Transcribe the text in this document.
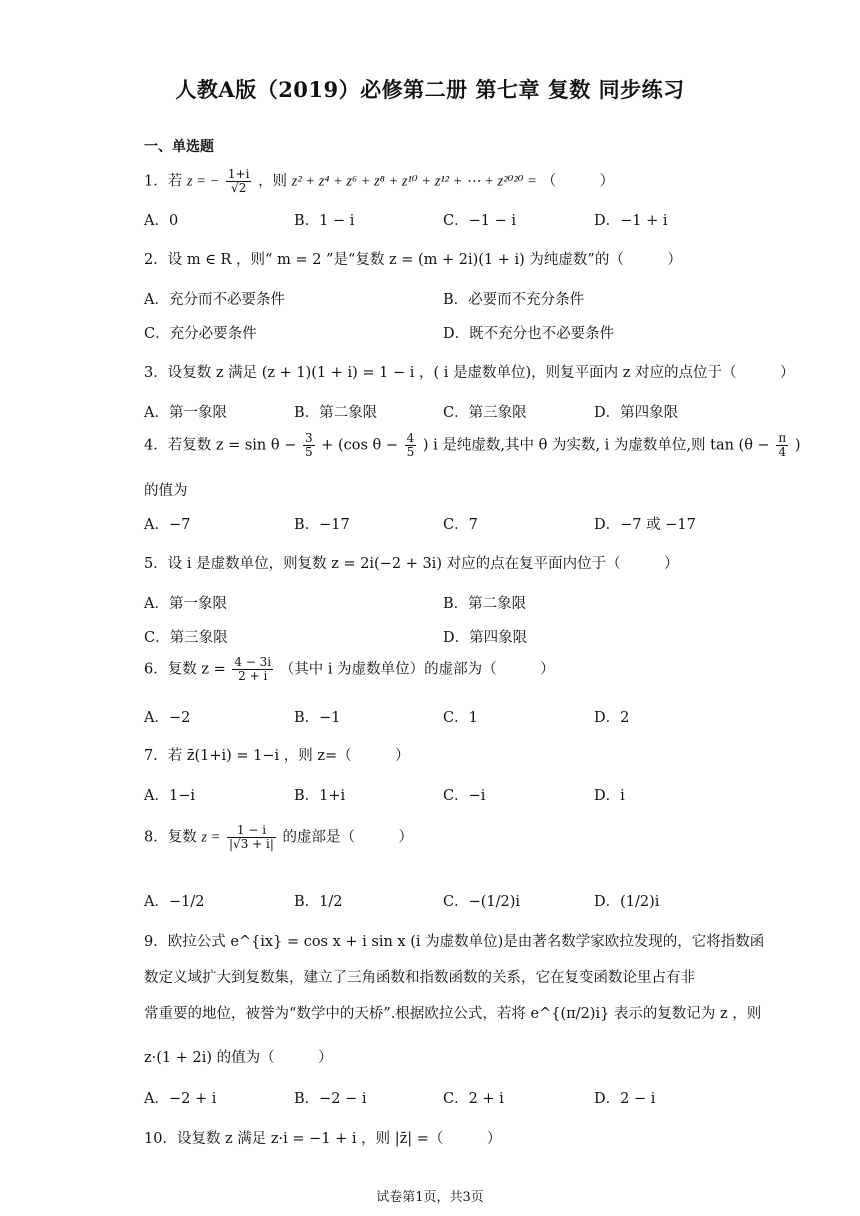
人教A版（2019）必修第二册 第七章 复数 同步练习
一、单选题
1．若 z = − $\frac{1+i}{√2}$ ，则 z² + z⁴ + z⁶ + z⁸ + z¹⁰ + z¹² + ⋯ + z²⁰²⁰ = （　　　）
A．0	B．1 − i	C．−1 − i	D．−1 + i
2．设 m ∈ R ，则“ m = 2 ”是“复数 z = (m + 2i)(1 + i) 为纯虚数”的（　　　）
A．充分而不必要条件	B．必要而不充分条件
C．充分必要条件	D．既不充分也不必要条件
3．设复数 z 满足 (z + 1)(1 + i) = 1 − i ，( i 是虚数单位)，则复平面内 z 对应的点位于（　　　）
A．第一象限	B．第二象限	C．第三象限	D．第四象限
4．若复数 $z = \sin \theta - \frac{3}{5} + (\cos$ $\theta - \frac{4}{5}$ ) i 是纯虚数,其中 θ 为实数, i 为虚数单位,则 $\tan (\theta - \frac{\pi}{4}$ )
的值为
A．−7	B．−17	C．7	D．−7 或 −17
5．设 i 是虚数单位，则复数 z = 2i(−2 + 3i) 对应的点在复平面内位于（　　　）
A．第一象限	B．第二象限
C．第三象限	D．第四象限
6．复数 $z = \frac{4 - 3i}{2 + i}$ （其中 i 为虚数单位）的虚部为（　　　）
A．−2	B．−1	C．1	D．2
7．若 z̄(1+i) = 1−i ，则 z=（　　　）
A．1−i	B．1+i	C．−i	D．i
8．复数 $z = \frac{1 - i}{|√3 + i|}$ 的虚部是（　　　）
A．−1/2	B．1/2	C．−(1/2)i	D．(1/2)i
9．欧拉公式 e^{ix} = cos x + i sin x (i 为虚数单位)是由著名数学家欧拉发现的，它将指数函
数定义域扩大到复数集，建立了三角函数和指数函数的关系，它在复变函数论里占有非
常重要的地位，被誉为“数学中的天桥”.根据欧拉公式，若将 e^{(π/2)i} 表示的复数记为 z ，则
z·(1 + 2i) 的值为（　　　）
A．−2 + i	B．−2 − i	C．2 + i	D．2 − i
10．设复数 z 满足 z·i = −1 + i ，则 |z̄| =（　　　）
试卷第1页，共3页
